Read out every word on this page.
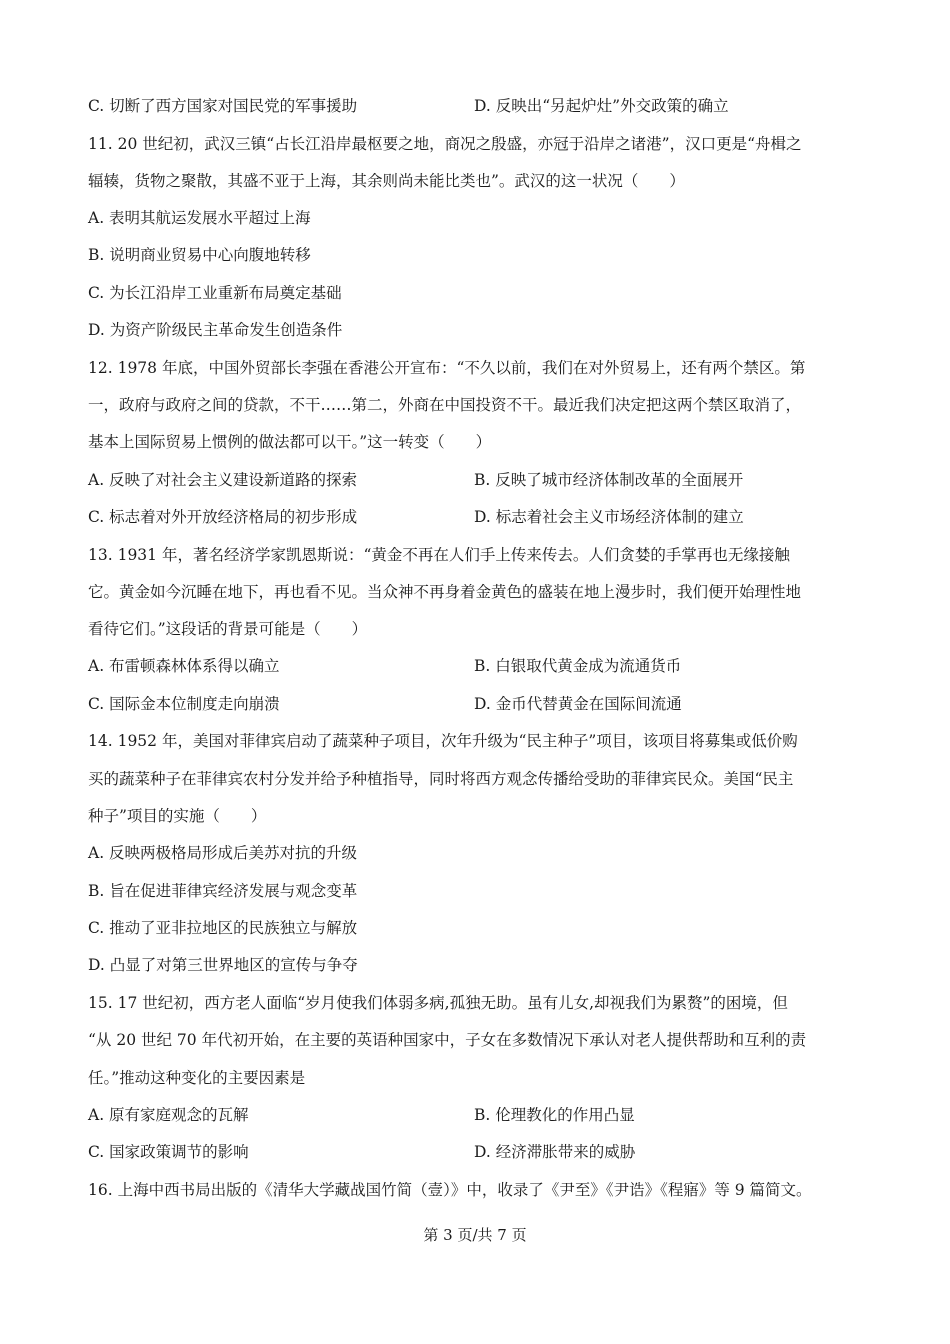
C. 切断了西方国家对国民党的军事援助	D. 反映出“另起炉灶”外交政策的确立
11. 20 世纪初，武汉三镇“占长江沿岸最枢要之地，商况之殷盛，亦冠于沿岸之诸港”，汉口更是“舟楫之
辐辏，货物之聚散，其盛不亚于上海，其余则尚未能比类也”。武汉的这一状况（　　）
A. 表明其航运发展水平超过上海
B. 说明商业贸易中心向腹地转移
C. 为长江沿岸工业重新布局奠定基础
D. 为资产阶级民主革命发生创造条件
12. 1978 年底，中国外贸部长李强在香港公开宣布：“不久以前，我们在对外贸易上，还有两个禁区。第
一，政府与政府之间的贷款，不干……第二，外商在中国投资不干。最近我们决定把这两个禁区取消了，
基本上国际贸易上惯例的做法都可以干。”这一转变（　　）
A. 反映了对社会主义建设新道路的探索	B. 反映了城市经济体制改革的全面展开
C. 标志着对外开放经济格局的初步形成	D. 标志着社会主义市场经济体制的建立
13. 1931 年，著名经济学家凯恩斯说：“黄金不再在人们手上传来传去。人们贪婪的手掌再也无缘接触
它。黄金如今沉睡在地下，再也看不见。当众神不再身着金黄色的盛装在地上漫步时，我们便开始理性地
看待它们。”这段话的背景可能是（　　）
A. 布雷顿森林体系得以确立	B. 白银取代黄金成为流通货币
C. 国际金本位制度走向崩溃	D. 金币代替黄金在国际间流通
14. 1952 年，美国对菲律宾启动了蔬菜种子项目，次年升级为“民主种子”项目，该项目将募集或低价购
买的蔬菜种子在菲律宾农村分发并给予种植指导，同时将西方观念传播给受助的菲律宾民众。美国“民主
种子”项目的实施（　　）
A. 反映两极格局形成后美苏对抗的升级
B. 旨在促进菲律宾经济发展与观念变革
C. 推动了亚非拉地区的民族独立与解放
D. 凸显了对第三世界地区的宣传与争夺
15. 17 世纪初，西方老人面临“岁月使我们体弱多病,孤独无助。虽有儿女,却视我们为累赘”的困境，但
“从 20 世纪 70 年代初开始，在主要的英语种国家中，子女在多数情况下承认对老人提供帮助和互利的责
任。”推动这种变化的主要因素是
A. 原有家庭观念的瓦解	B. 伦理教化的作用凸显
C. 国家政策调节的影响	D. 经济滞胀带来的威胁
16. 上海中西书局出版的《清华大学藏战国竹简（壹）》中，收录了《尹至》《尹诰》《程寤》等 9 篇简文。
第 3 页/共 7 页
